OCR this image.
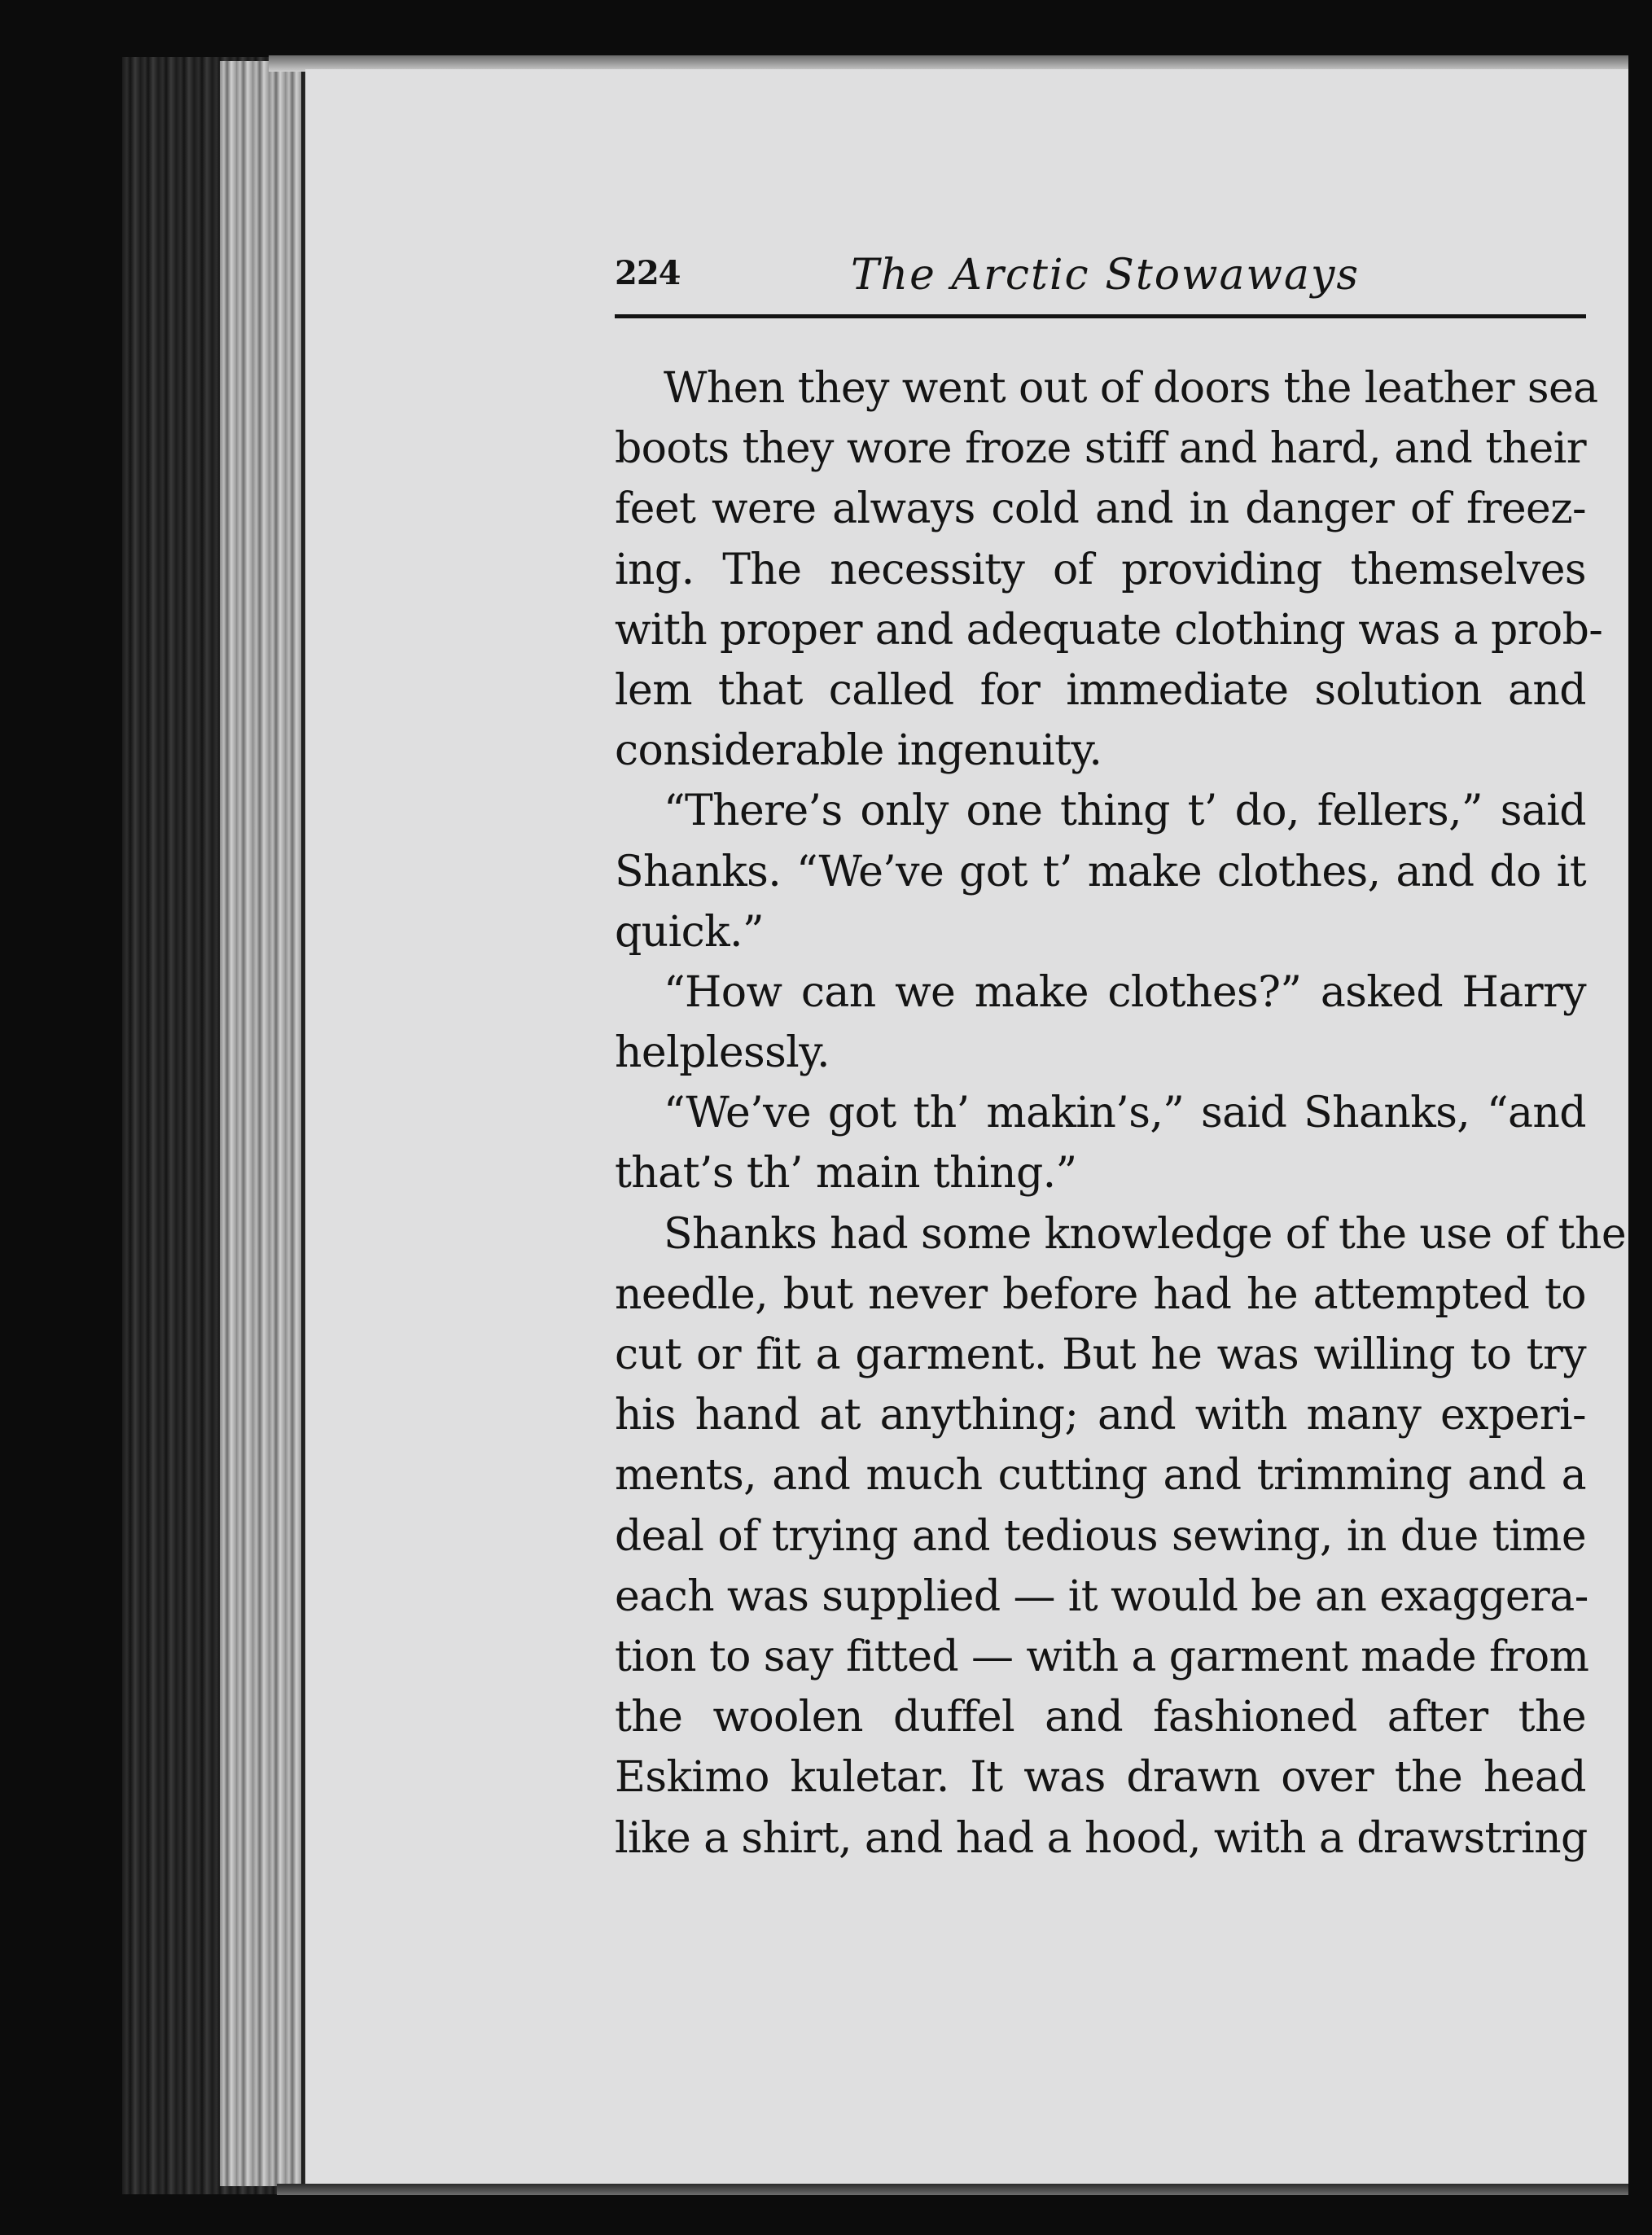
224	The Arctic Stowaways
When they went out of doors the leather sea
boots they wore froze stiff and hard, and their
feet were always cold and in danger of freez-
ing. The necessity of providing themselves
with proper and adequate clothing was a prob-
lem that called for immediate solution and
considerable ingenuity.
“There’s only one thing t’ do, fellers,” said
Shanks. “We’ve got t’ make clothes, and do it
quick.”
“How can we make clothes?” asked Harry
helplessly.
“We’ve got th’ makin’s,” said Shanks, “and
that’s th’ main thing.”
Shanks had some knowledge of the use of the
needle, but never before had he attempted to
cut or fit a garment. But he was willing to try
his hand at anything; and with many experi-
ments, and much cutting and trimming and a
deal of trying and tedious sewing, in due time
each was supplied — it would be an exaggera-
tion to say fitted — with a garment made from
the woolen duffel and fashioned after the
Eskimo kuletar. It was drawn over the head
like a shirt, and had a hood, with a drawstring
